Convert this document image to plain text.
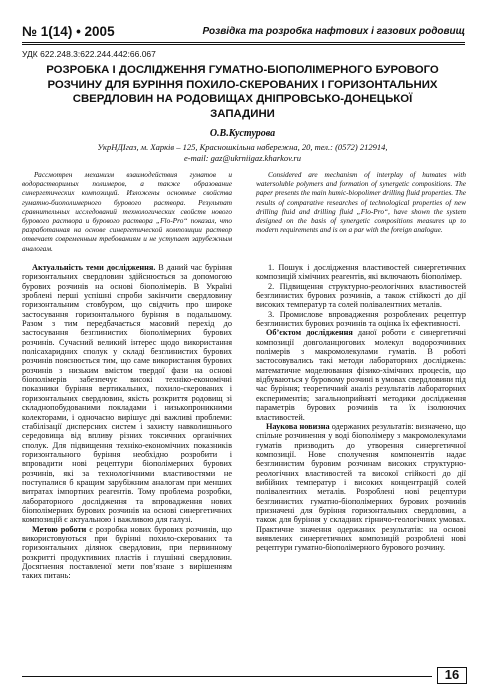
№ 1(14) • 2005	Розвідка та розробка нафтових і газових родовищ
УДК 622.248.3:622.244.442:66.067
РОЗРОБКА І ДОСЛІДЖЕННЯ ГУМАТНО-БІОПОЛІМЕРНОГО БУРОВОГО РОЗЧИНУ ДЛЯ БУРІННЯ ПОХИЛО-СКЕРОВАНИХ І ГОРИЗОНТАЛЬНИХ СВЕРДЛОВИН НА РОДОВИЩАХ ДНІПРОВСЬКО-ДОНЕЦЬКОЇ ЗАПАДИНИ
О.В.Кустурова
УкрНДІгаз, м. Харків – 125, Красношкільна набережна, 20, тел.: (0572) 212914,
e-mail: gaz@ukrniigaz.kharkov.ru

Рассмотрен механизм взаимодействия гуматов и водорастворимых полимеров, а также образование синергетических композиций. Изложены основные свойства гуматно-биополимерного бурового раствора. Результат сравнительных исследований технологических свойств нового бурового раствора и бурового раствора „Flo-Pro“ показал, что разработанная на основе синергетической композиции раствор отвечает современным требованиям и не уступает зарубежным аналогам.

Considered are mechanism of interplay of humates with watersoluble polymers and formation of synergetic compositions. The paper presents the main humic-biopolimer drilling fluid properties. The results of comparative researches of technological properties of new drilling fluid and drilling fluid „Flo-Pro“, have shown the system designed on the basis of synergetic compositions measures up to modern requirements and is on a par with the foreign analogue.

Актуальність теми дослідження. В даний час буріння горизонтальних свердловин здійснюється за допомогою бурових розчинів на основі біополімерів. В Україні зроблені перші успішні спроби закінчити свердловину горизонтальним стовбуром, що свідчить про широке застосування горизонтального буріння в подальшому. Разом з тим передбачається масовий перехід до застосування безглинистих біополімерних бурових розчинів. Сучасний великий інтерес щодо використання полісахаридних сполук у складі безглинистих бурових розчинів пояснюється тим, що саме використання бурових розчинів з низьким вмістом твердої фази на основі біополімерів забезпечує високі техніко-економічні показники буріння вертикальних, похило-скерованих і горизонтальних свердловин, якість розкриття родовищ зі складнопобудованими покладами і низькопроникними колекторами, і одночасно вирішує дві важливі проблеми: стабілізації дисперсних систем і захисту навколишнього середовища від впливу різних токсичних органічних сполук. Для підвищення техніко-економічних показників горизонтального буріння необхідно розробити і впровадити нові рецептури біополімерних бурових розчинів, які за технологічними властивостями не поступалися б кращим зарубіжним аналогам при менших витратах імпортних реагентів. Тому проблема розробки, лабораторного дослідження та впровадження нових біополімерних бурових розчинів на основі синергетичних композицій є актуальною і важливою для галузі.

Метою роботи є розробка нових бурових розчинів, що використовуються при бурінні похило-скерованих та горизонтальних ділянок свердловин, при первинному розкритті продуктивних пластів і глушінні свердловин. Досягнення поставленої мети пов’язане з вирішенням таких питань:

1. Пошук і дослідження властивостей синергетичних композицій хімічних реагентів, які включають біополімер.

2. Підвищення структурно-реологічних властивостей безглинистих бурових розчинів, а також стійкості до дії високих температур та солей полівалентних металів.

3. Промислове впровадження розроблених рецептур безглинистих бурових розчинів та оцінка їх ефективності.

Об’єктом дослідження даної роботи є синергетичні композиції довголанцюгових молекул водорозчинних полімерів з макромолекулами гуматів. В роботі застосовувались такі методи лабораторних досліджень: математичне моделювання фізико-хімічних процесів, що відбуваються у буровому розчині в умовах свердловини під час буріння; теоретичний аналіз результатів лабораторних експериментів; загальноприйняті методики дослідження параметрів бурових розчинів та їх ізолюючих властивостей.

Наукова новизна одержаних результатів: визначено, що спільне розчинення у воді біополімеру з макромолекулами гуматів призводить до утворення синергетичної композиції. Нове сполучення компонентів надає безглинистим буровим розчинам високих структурно-реологічних властивостей та високої стійкості до дії вибійних температур і високих концентрацій солей полівалентних металів. Розроблені нові рецептури безглинистих гуматно-біополімерних бурових розчинів призначені для буріння горизонтальних свердловин, а також для буріння у складних гірничо-геологічних умовах. Практичне значення одержаних результатів: на основі виявлених синергетичних композицій розроблені нові рецептури гуматно-біополімерного бурового розчину.

16
